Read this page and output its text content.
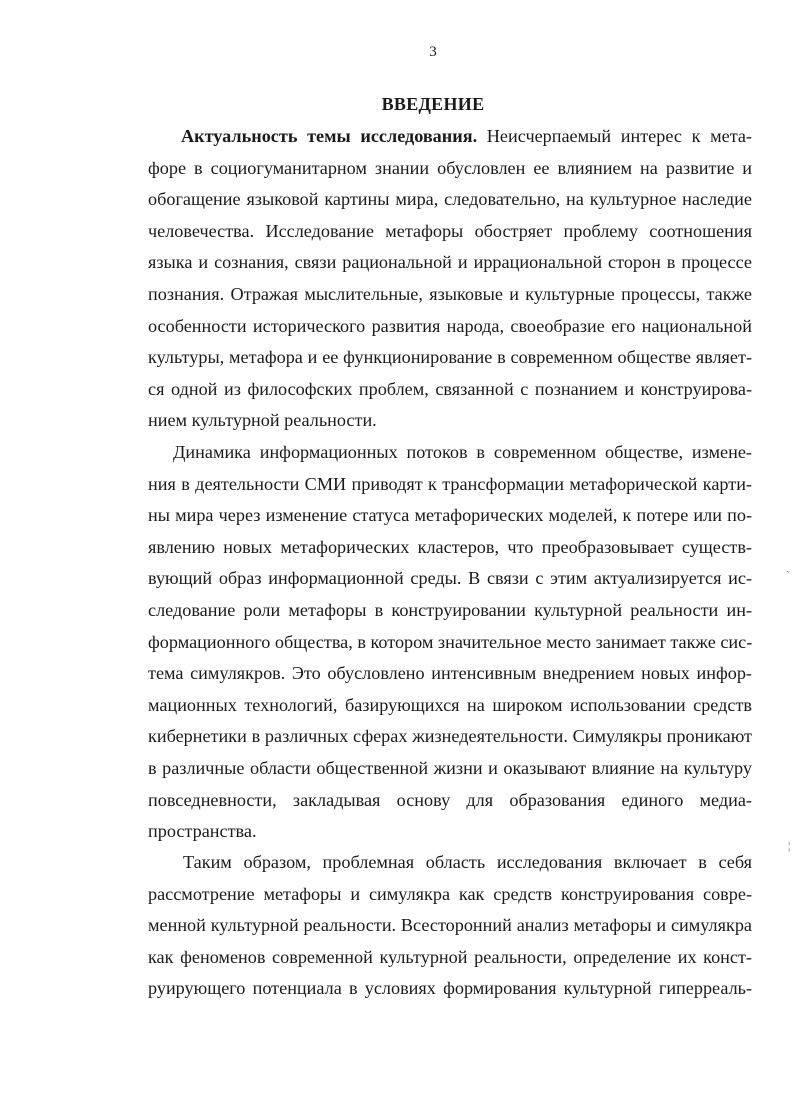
3
ВВЕДЕНИЕ
Актуальность темы исследования. Неисчерпаемый интерес к мета-
форе в социогуманитарном знании обусловлен ее влиянием на развитие и
обогащение языковой картины мира, следовательно, на культурное наследие
человечества. Исследование метафоры обостряет проблему соотношения
языка и сознания, связи рациональной и иррациональной сторон в процессе
познания. Отражая мыслительные, языковые и культурные процессы, также
особенности исторического развития народа, своеобразие его национальной
культуры, метафора и ее функционирование в современном обществе являет-
ся одной из философских проблем, связанной с познанием и конструирова-
нием культурной реальности.
Динамика информационных потоков в современном обществе, измене-
ния в деятельности СМИ приводят к трансформации метафорической карти-
ны мира через изменение статуса метафорических моделей, к потере или по-
явлению новых метафорических кластеров, что преобразовывает существ-
вующий образ информационной среды. В связи с этим актуализируется ис-
следование роли метафоры в конструировании культурной реальности ин-
формационного общества, в котором значительное место занимает также сис-
тема симулякров. Это обусловлено интенсивным внедрением новых инфор-
мационных технологий, базирующихся на широком использовании средств
кибернетики в различных сферах жизнедеятельности. Симулякры проникают
в различные области общественной жизни и оказывают влияние на культуру
повседневности, закладывая основу для образования единого медиа-
пространства.
Таким образом, проблемная область исследования включает в себя
рассмотрение метафоры и симулякра как средств конструирования совре-
менной культурной реальности. Всесторонний анализ метафоры и симулякра
как феноменов современной культурной реальности, определение их конст-
руирующего потенциала в условиях формирования культурной гиперреаль-
ˎ
¦
